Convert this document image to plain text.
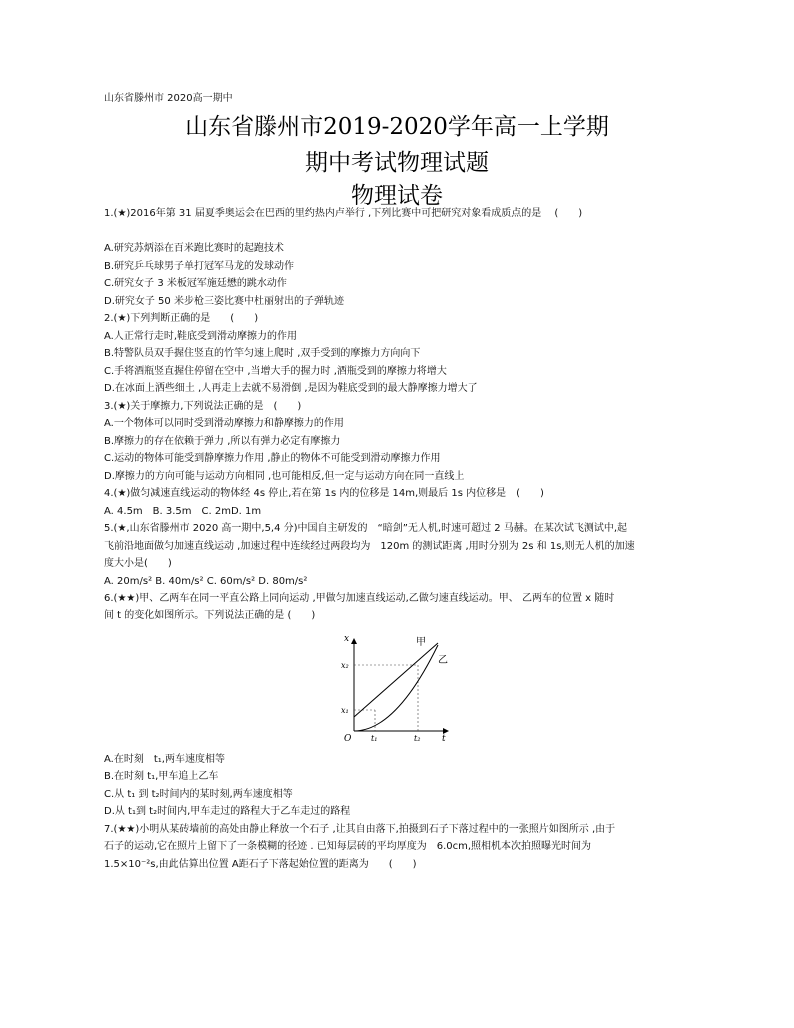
山东省滕州市 2020高一期中
山东省滕州市2019-2020学年高一上学期
期中考试物理试题
物理试卷
1.(★)2016年第 31 届夏季奥运会在巴西的里约热内卢举行 ,下列比赛中可把研究对象看成质点的是　 (　　)
A.研究苏炳添在百米跑比赛时的起跑技术
B.研究乒乓球男子单打冠军马龙的发球动作
C.研究女子 3 米板冠军施廷懋的跳水动作
D.研究女子 50 米步枪三姿比赛中杜丽射出的子弹轨迹
2.(★)下列判断正确的是　　(　　)
A.人正常行走时,鞋底受到滑动摩擦力的作用
B.特警队员双手握住竖直的竹竿匀速上爬时 ,双手受到的摩擦力方向向下
C.手将酒瓶竖直握住停留在空中 ,当增大手的握力时 ,酒瓶受到的摩擦力将增大
D.在冰面上洒些细土 ,人再走上去就不易滑倒 ,是因为鞋底受到的最大静摩擦力增大了
3.(★)关于摩擦力,下列说法正确的是　(　　)
A.一个物体可以同时受到滑动摩擦力和静摩擦力的作用
B.摩擦力的存在依赖于弹力 ,所以有弹力必定有摩擦力
C.运动的物体可能受到静摩擦力作用 ,静止的物体不可能受到滑动摩擦力作用
D.摩擦力的方向可能与运动方向相同 ,也可能相反,但一定与运动方向在同一直线上
4.(★)做匀减速直线运动的物体经 4s 停止,若在第 1s 内的位移是 14m,则最后 1s 内位移是　(　　)
A. 4.5m　B. 3.5m　C. 2mD. 1m
5.(★,山东省滕州市 2020 高一期中,5,4 分)中国自主研发的　“暗剑”无人机,时速可超过 2 马赫。在某次试飞测试中,起
飞前沿地面做匀加速直线运动 ,加速过程中连续经过两段均为　120m 的测试距离 ,用时分别为 2s 和 1s,则无人机的加速
度大小是(　　)
A. 20m/s² B. 40m/s² C. 60m/s² D. 80m/s²
6.(★★)甲、乙两车在同一平直公路上同向运动 ,甲做匀加速直线运动,乙做匀速直线运动。甲、 乙两车的位置 x 随时
间 t 的变化如图所示。下列说法正确的是 (　　)
x
t
O
甲
乙
x₂
x₁
t₁	t₂
A.在时刻　t₁,两车速度相等
B.在时刻 t₁,甲车追上乙车
C.从 t₁ 到 t₂时间内的某时刻,两车速度相等
D.从 t₁到 t₂时间内,甲车走过的路程大于乙车走过的路程
7.(★★)小明从某砖墙前的高处由静止释放一个石子 ,让其自由落下,拍摄到石子下落过程中的一张照片如图所示 ,由于
石子的运动,它在照片上留下了一条模糊的径迹 . 已知每层砖的平均厚度为　6.0cm,照相机本次拍照曝光时间为
1.5×10⁻²s,由此估算出位置 A距石子下落起始位置的距离为　　(　　)
